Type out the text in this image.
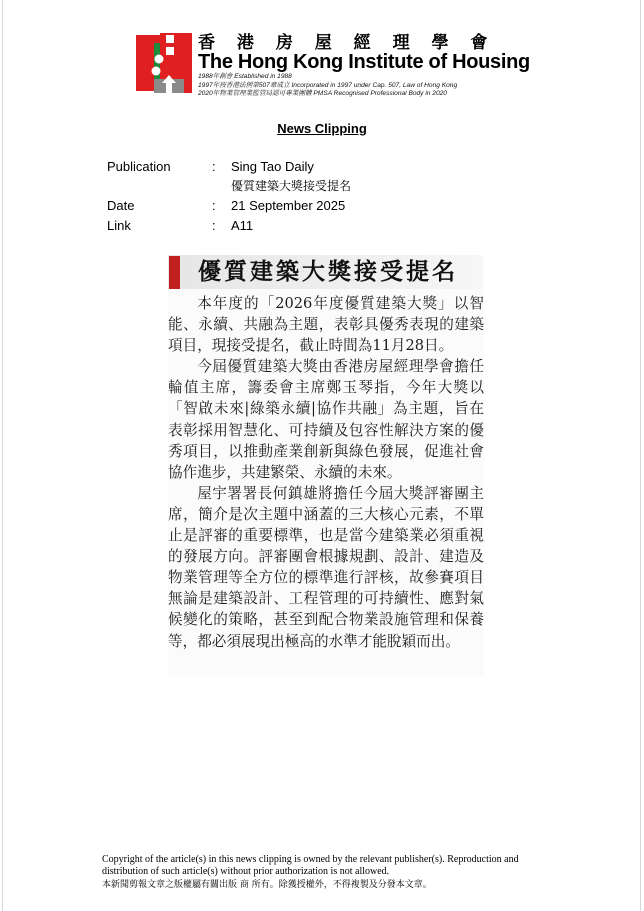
香 港 房 屋 經 理 學 會
The Hong Kong Institute of Housing
1988年創會 Established in 1988
1997年按香港法例第507章成立 Incorporated in 1997 under Cap. 507, Law of Hong Kong
2020年物業管理業監管局認可專業團體 PMSA Recognised Professional Body in 2020
News Clipping
Publication	: Sing Tao Daily
優質建築大獎接受提名
Date	: 21 September 2025
Link	: A11
優質建築大獎接受提名

本年度的「2026年度優質建築大獎」以智能、永續、共融為主題，表彰具優秀表現的建築項目，現接受提名，截止時間為11月28日。

今屆優質建築大獎由香港房屋經理學會擔任輪值主席，籌委會主席鄭玉琴指，今年大獎以「智啟未來|綠築永續|協作共融」為主題，旨在表彰採用智慧化、可持續及包容性解決方案的優秀項目，以推動產業創新與綠色發展，促進社會協作進步，共建繁榮、永續的未來。

屋宇署署長何鎮雄將擔任今屆大獎評審團主席，簡介是次主題中涵蓋的三大核心元素，不單止是評審的重要標準，也是當今建築業必須重視的發展方向。評審團會根據規劃、設計、建造及物業管理等全方位的標準進行評核，故參賽項目無論是建築設計、工程管理的可持續性、應對氣候變化的策略，甚至到配合物業設施管理和保養等，都必須展現出極高的水準才能脫穎而出。

Copyright of the article(s) in this news clipping is owned by the relevant publisher(s). Reproduction and distribution of such article(s) without prior authorization is not allowed.
本新聞剪報文章之版權屬有關出版 商 所有。除獲授權外，不得複製及分發本文章。
